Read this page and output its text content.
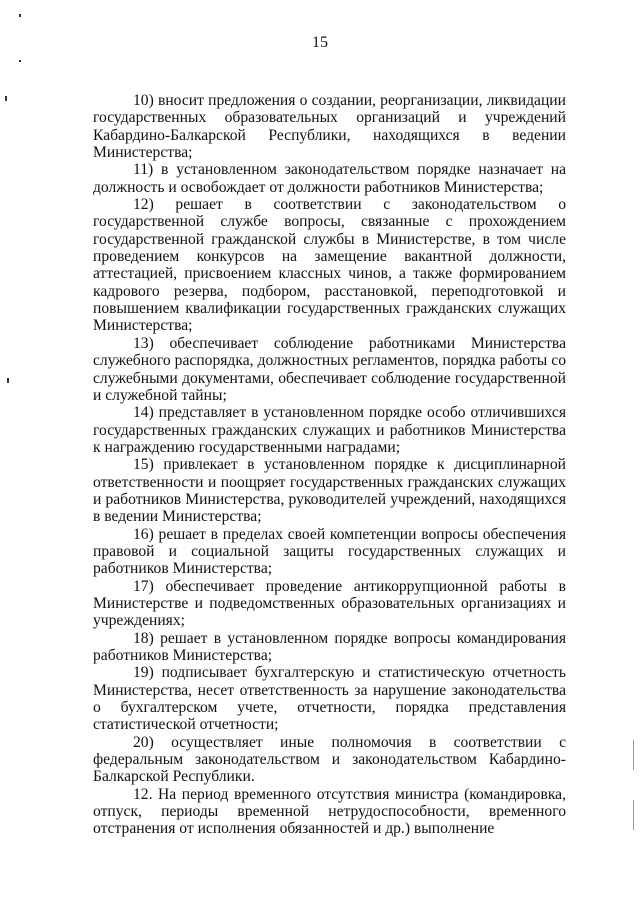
15

10) вносит предложения о создании, реорганизации, ликвидации государственных образовательных организаций и учреждений Кабардино-Балкарской Республики, находящихся в ведении Министерства;

11) в установленном законодательством порядке назначает на должность и освобождает от должности работников Министерства;

12) решает в соответствии с законодательством о государственной службе вопросы, связанные с прохождением государственной гражданской службы в Министерстве, в том числе проведением конкурсов на замещение вакантной должности, аттестацией, присвоением классных чинов, а также формированием кадрового резерва, подбором, расстановкой, переподготовкой и повышением квалификации государственных гражданских служащих Министерства;

13) обеспечивает соблюдение работниками Министерства служебного распорядка, должностных регламентов, порядка работы со служебными документами, обеспечивает соблюдение государственной и служебной тайны;

14) представляет в установленном порядке особо отличившихся государственных гражданских служащих и работников Министерства к награждению государственными наградами;

15) привлекает в установленном порядке к дисциплинарной ответственности и поощряет государственных гражданских служащих и работников Министерства, руководителей учреждений, находящихся в ведении Министерства;

16) решает в пределах своей компетенции вопросы обеспечения правовой и социальной защиты государственных служащих и работников Министерства;

17) обеспечивает проведение антикоррупционной работы в Министерстве и подведомственных образовательных организациях и учреждениях;

18) решает в установленном порядке вопросы командирования работников Министерства;

19) подписывает бухгалтерскую и статистическую отчетность Министерства, несет ответственность за нарушение законодательства о бухгалтерском учете, отчетности, порядка представления статистической отчетности;

20) осуществляет иные полномочия в соответствии с федеральным законодательством и законодательством Кабардино-Балкарской Республики.

12. На период временного отсутствия министра (командировка, отпуск, периоды временной нетрудоспособности, временного отстранения от исполнения обязанностей и др.) выполнение
